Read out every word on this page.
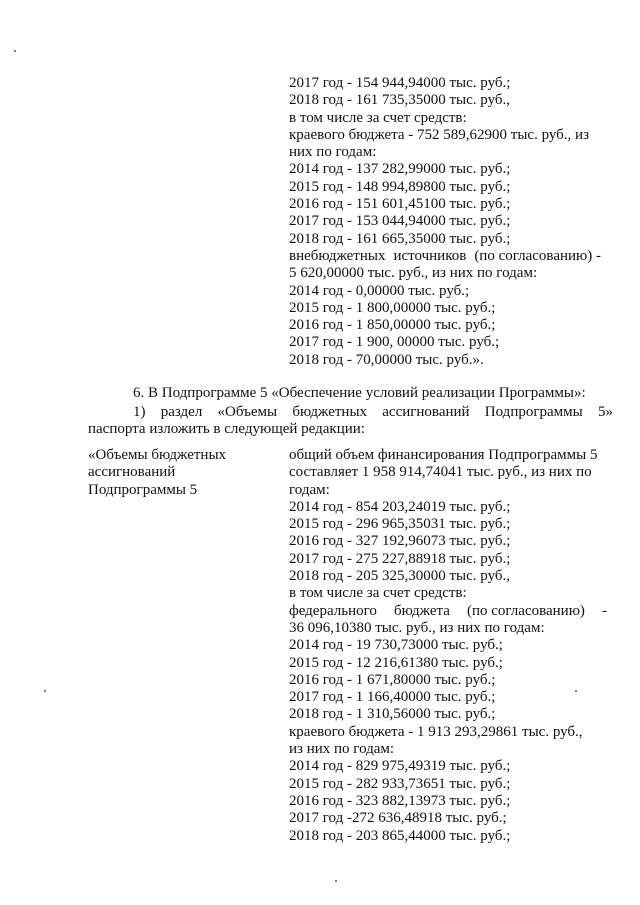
2017 год - 154 944,94000 тыс. руб.;
2018 год - 161 735,35000 тыс. руб.,
в том числе за счет средств:
краевого бюджета - 752 589,62900 тыс. руб., из
них по годам:
2014 год - 137 282,99000 тыс. руб.;
2015 год - 148 994,89800 тыс. руб.;
2016 год - 151 601,45100 тыс. руб.;
2017 год - 153 044,94000 тыс. руб.;
2018 год - 161 665,35000 тыс. руб.;
внебюджетных источников (по согласованию) -
5 620,00000 тыс. руб., из них по годам:
2014 год - 0,00000 тыс. руб.;
2015 год - 1 800,00000 тыс. руб.;
2016 год - 1 850,00000 тыс. руб.;
2017 год - 1 900, 00000 тыс. руб.;
2018 год - 70,00000 тыс. руб.».
6. В Подпрограмме 5 «Обеспечение условий реализации Программы»:
1) раздел «Объемы бюджетных ассигнований Подпрограммы 5»
паспорта изложить в следующей редакции:
«Объемы бюджетных
ассигнований
Подпрограммы 5
общий объем финансирования Подпрограммы 5
составляет 1 958 914,74041 тыс. руб., из них по
годам:
2014 год - 854 203,24019 тыс. руб.;
2015 год - 296 965,35031 тыс. руб.;
2016 год - 327 192,96073 тыс. руб.;
2017 год - 275 227,88918 тыс. руб.;
2018 год - 205 325,30000 тыс. руб.,
в том числе за счет средств:
федерального бюджета (по согласованию) -
36 096,10380 тыс. руб., из них по годам:
2014 год - 19 730,73000 тыс. руб.;
2015 год - 12 216,61380 тыс. руб.;
2016 год - 1 671,80000 тыс. руб.;
2017 год - 1 166,40000 тыс. руб.;
2018 год - 1 310,56000 тыс. руб.;
краевого бюджета - 1 913 293,29861 тыс. руб.,
из них по годам:
2014 год - 829 975,49319 тыс. руб.;
2015 год - 282 933,73651 тыс. руб.;
2016 год - 323 882,13973 тыс. руб.;
2017 год -272 636,48918 тыс. руб.;
2018 год - 203 865,44000 тыс. руб.;
